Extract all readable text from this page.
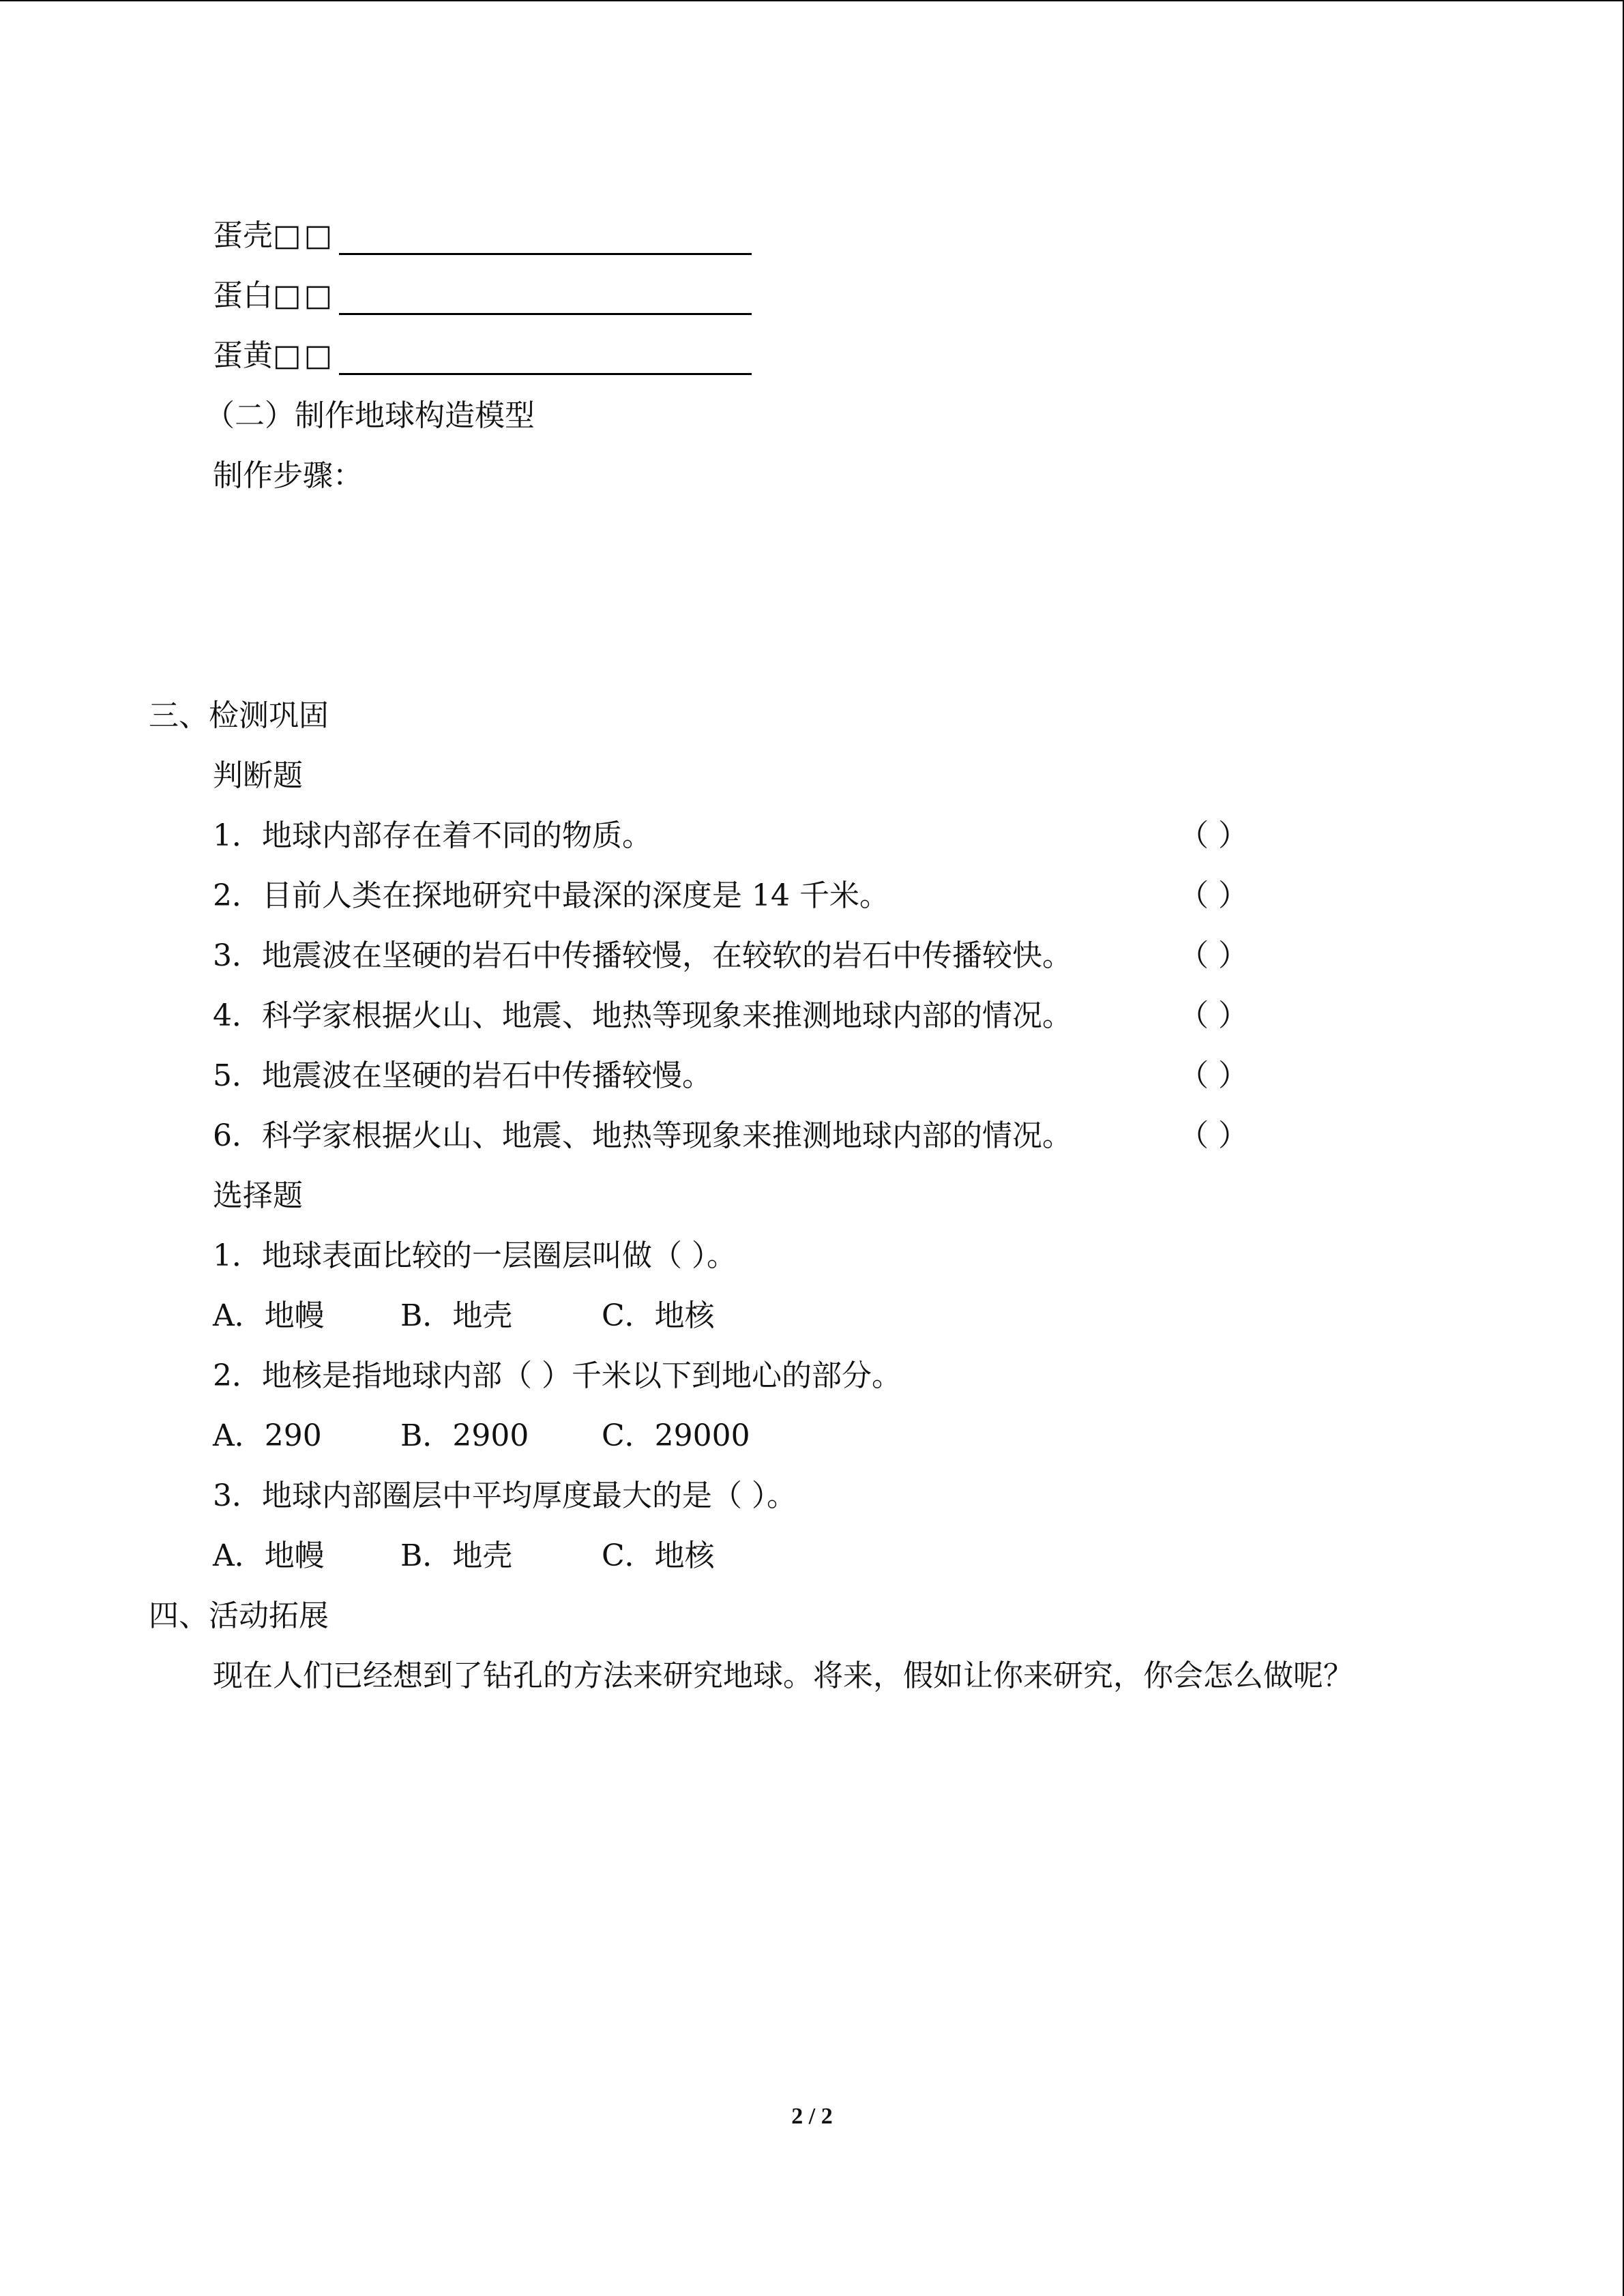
蛋壳□□
蛋白□□
蛋黄□□
（二）制作地球构造模型
制作步骤：
三、检测巩固
判断题
1．地球内部存在着不同的物质。	（ ）
2．目前人类在探地研究中最深的深度是 14 千米。	（ ）
3．地震波在坚硬的岩石中传播较慢，在较软的岩石中传播较快。	（ ）
4．科学家根据火山、地震、地热等现象来推测地球内部的情况。	（ ）
5．地震波在坚硬的岩石中传播较慢。	（ ）
6．科学家根据火山、地震、地热等现象来推测地球内部的情况。	（ ）
选择题
1．地球表面比较的一层圈层叫做（ ）。
A．地幔	B．地壳	C．地核
2．地核是指地球内部（ ）千米以下到地心的部分。
A．290	B．2900 C．29000
3．地球内部圈层中平均厚度最大的是（ ）。
A．地幔	B．地壳	C．地核
四、活动拓展
现在人们已经想到了钻孔的方法来研究地球。将来，假如让你来研究，你会怎么做呢？
2 / 2
